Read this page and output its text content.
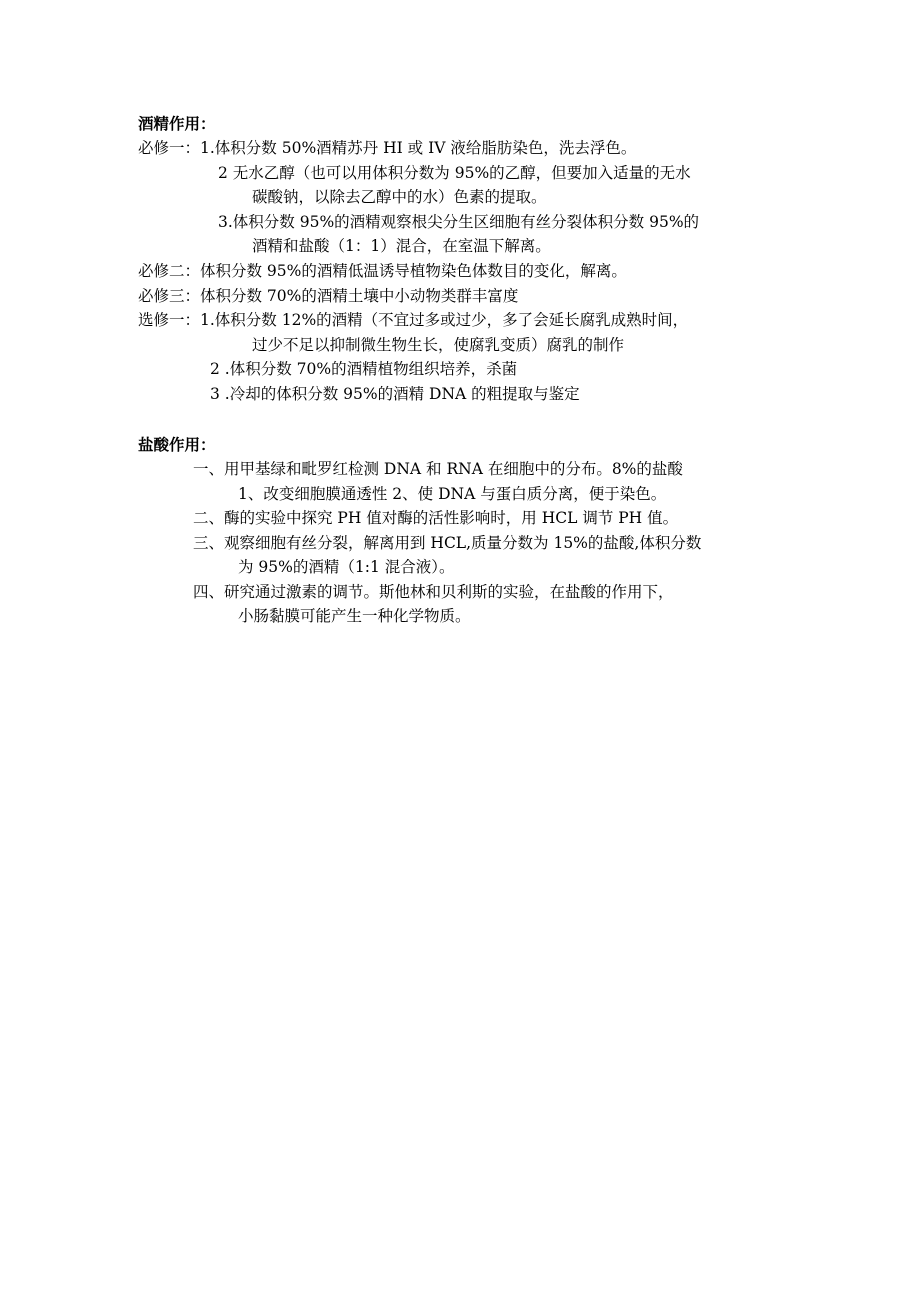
酒精作用：
必修一：1.体积分数 50%酒精苏丹 HI 或 IV 液给脂肪染色，洗去浮色。
2 无水乙醇（也可以用体积分数为 95%的乙醇，但要加入适量的无水
碳酸钠，以除去乙醇中的水）色素的提取。
3.体积分数 95%的酒精观察根尖分生区细胞有丝分裂体积分数 95%的
酒精和盐酸（1：1）混合，在室温下解离。
必修二：体积分数 95%的酒精低温诱导植物染色体数目的变化，解离。
必修三：体积分数 70%的酒精土壤中小动物类群丰富度
选修一：1.体积分数 12%的酒精（不宜过多或过少，多了会延长腐乳成熟时间，
过少不足以抑制微生物生长，使腐乳变质）腐乳的制作
2 .体积分数 70%的酒精植物组织培养，杀菌
3 .冷却的体积分数 95%的酒精 DNA 的粗提取与鉴定
盐酸作用：
一、用甲基绿和毗罗红检测 DNA 和 RNA 在细胞中的分布。8%的盐酸
1、改变细胞膜通透性 2、使 DNA 与蛋白质分离，便于染色。
二、酶的实验中探究 PH 值对酶的活性影响时，用 HCL 调节 PH 值。
三、观察细胞有丝分裂，解离用到 HCL,质量分数为 15%的盐酸,体积分数
为 95%的酒精（1:1 混合液）。
四、研究通过激素的调节。斯他林和贝利斯的实验，在盐酸的作用下，
小肠黏膜可能产生一种化学物质。
